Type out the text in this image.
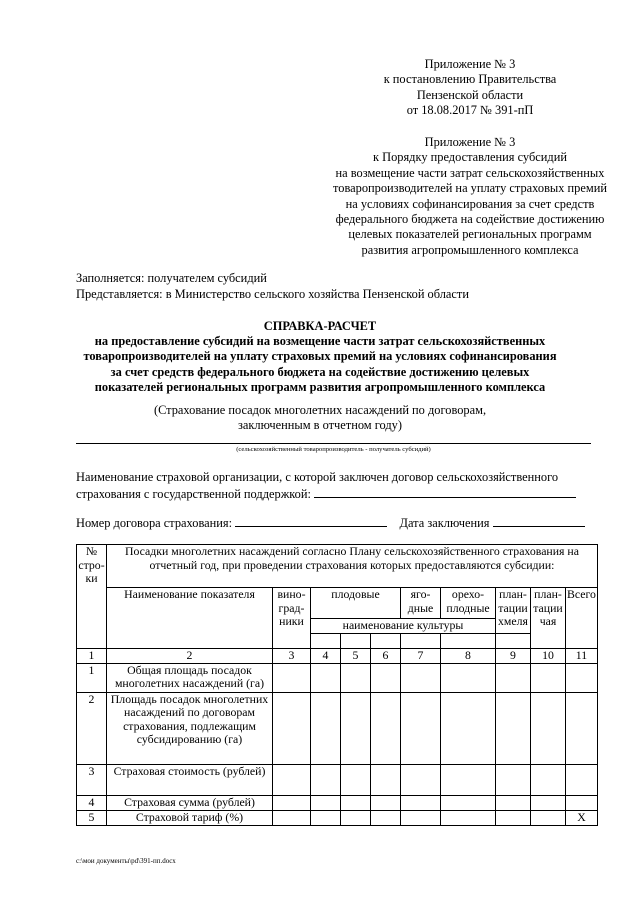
Приложение № 3
к постановлению Правительства
Пензенской области
от 18.08.2017 № 391-пП
Приложение № 3
к Порядку предоставления субсидий
на возмещение части затрат сельскохозяйственных
товаропроизводителей на уплату страховых премий
на условиях софинансирования за счет средств
федерального бюджета на содействие достижению
целевых показателей региональных программ
развития агропромышленного комплекса
Заполняется: получателем субсидий
Представляется: в Министерство сельского хозяйства Пензенской области
СПРАВКА-РАСЧЕТ
на предоставление субсидий на возмещение части затрат сельскохозяйственных
товаропроизводителей на уплату страховых премий на условиях софинансирования
за счет средств федерального бюджета на содействие достижению целевых
показателей региональных программ развития агропромышленного комплекса
(Страхование посадок многолетних насаждений по договорам,
заключенным в отчетном году)
(сельскохозяйственный товаропроизводитель - получатель субсидий)
Наименование страховой организации, с которой заключен договор сельскохозяйственного страхования с государственной поддержкой:
Номер договора страхования:	Дата заключения
№ стро-ки	Посадки многолетних насаждений согласно Плану сельскохозяйственного страхования на отчетный год, при проведении страхования которых предоставляются субсидии:									
	Наименование показателя	вино-град-ники	плодовые			яго-дные	орехо-плодные	план-тации хмеля	план-тации чая	Всего
			наименование культуры							

1	2	3	4	5	6	7	8	9	10	11
1	Общая площадь посадок многолетних насаждений (га)									
2	Площадь посадок многолетних насаждений по договорам страхования, подлежащим субсидированию (га)									
3	Страховая стоимость (рублей)									
4	Страховая сумма (рублей)									
5	Страховой тариф (%)									X
c:\мои документы\pd\391-пп.docx
